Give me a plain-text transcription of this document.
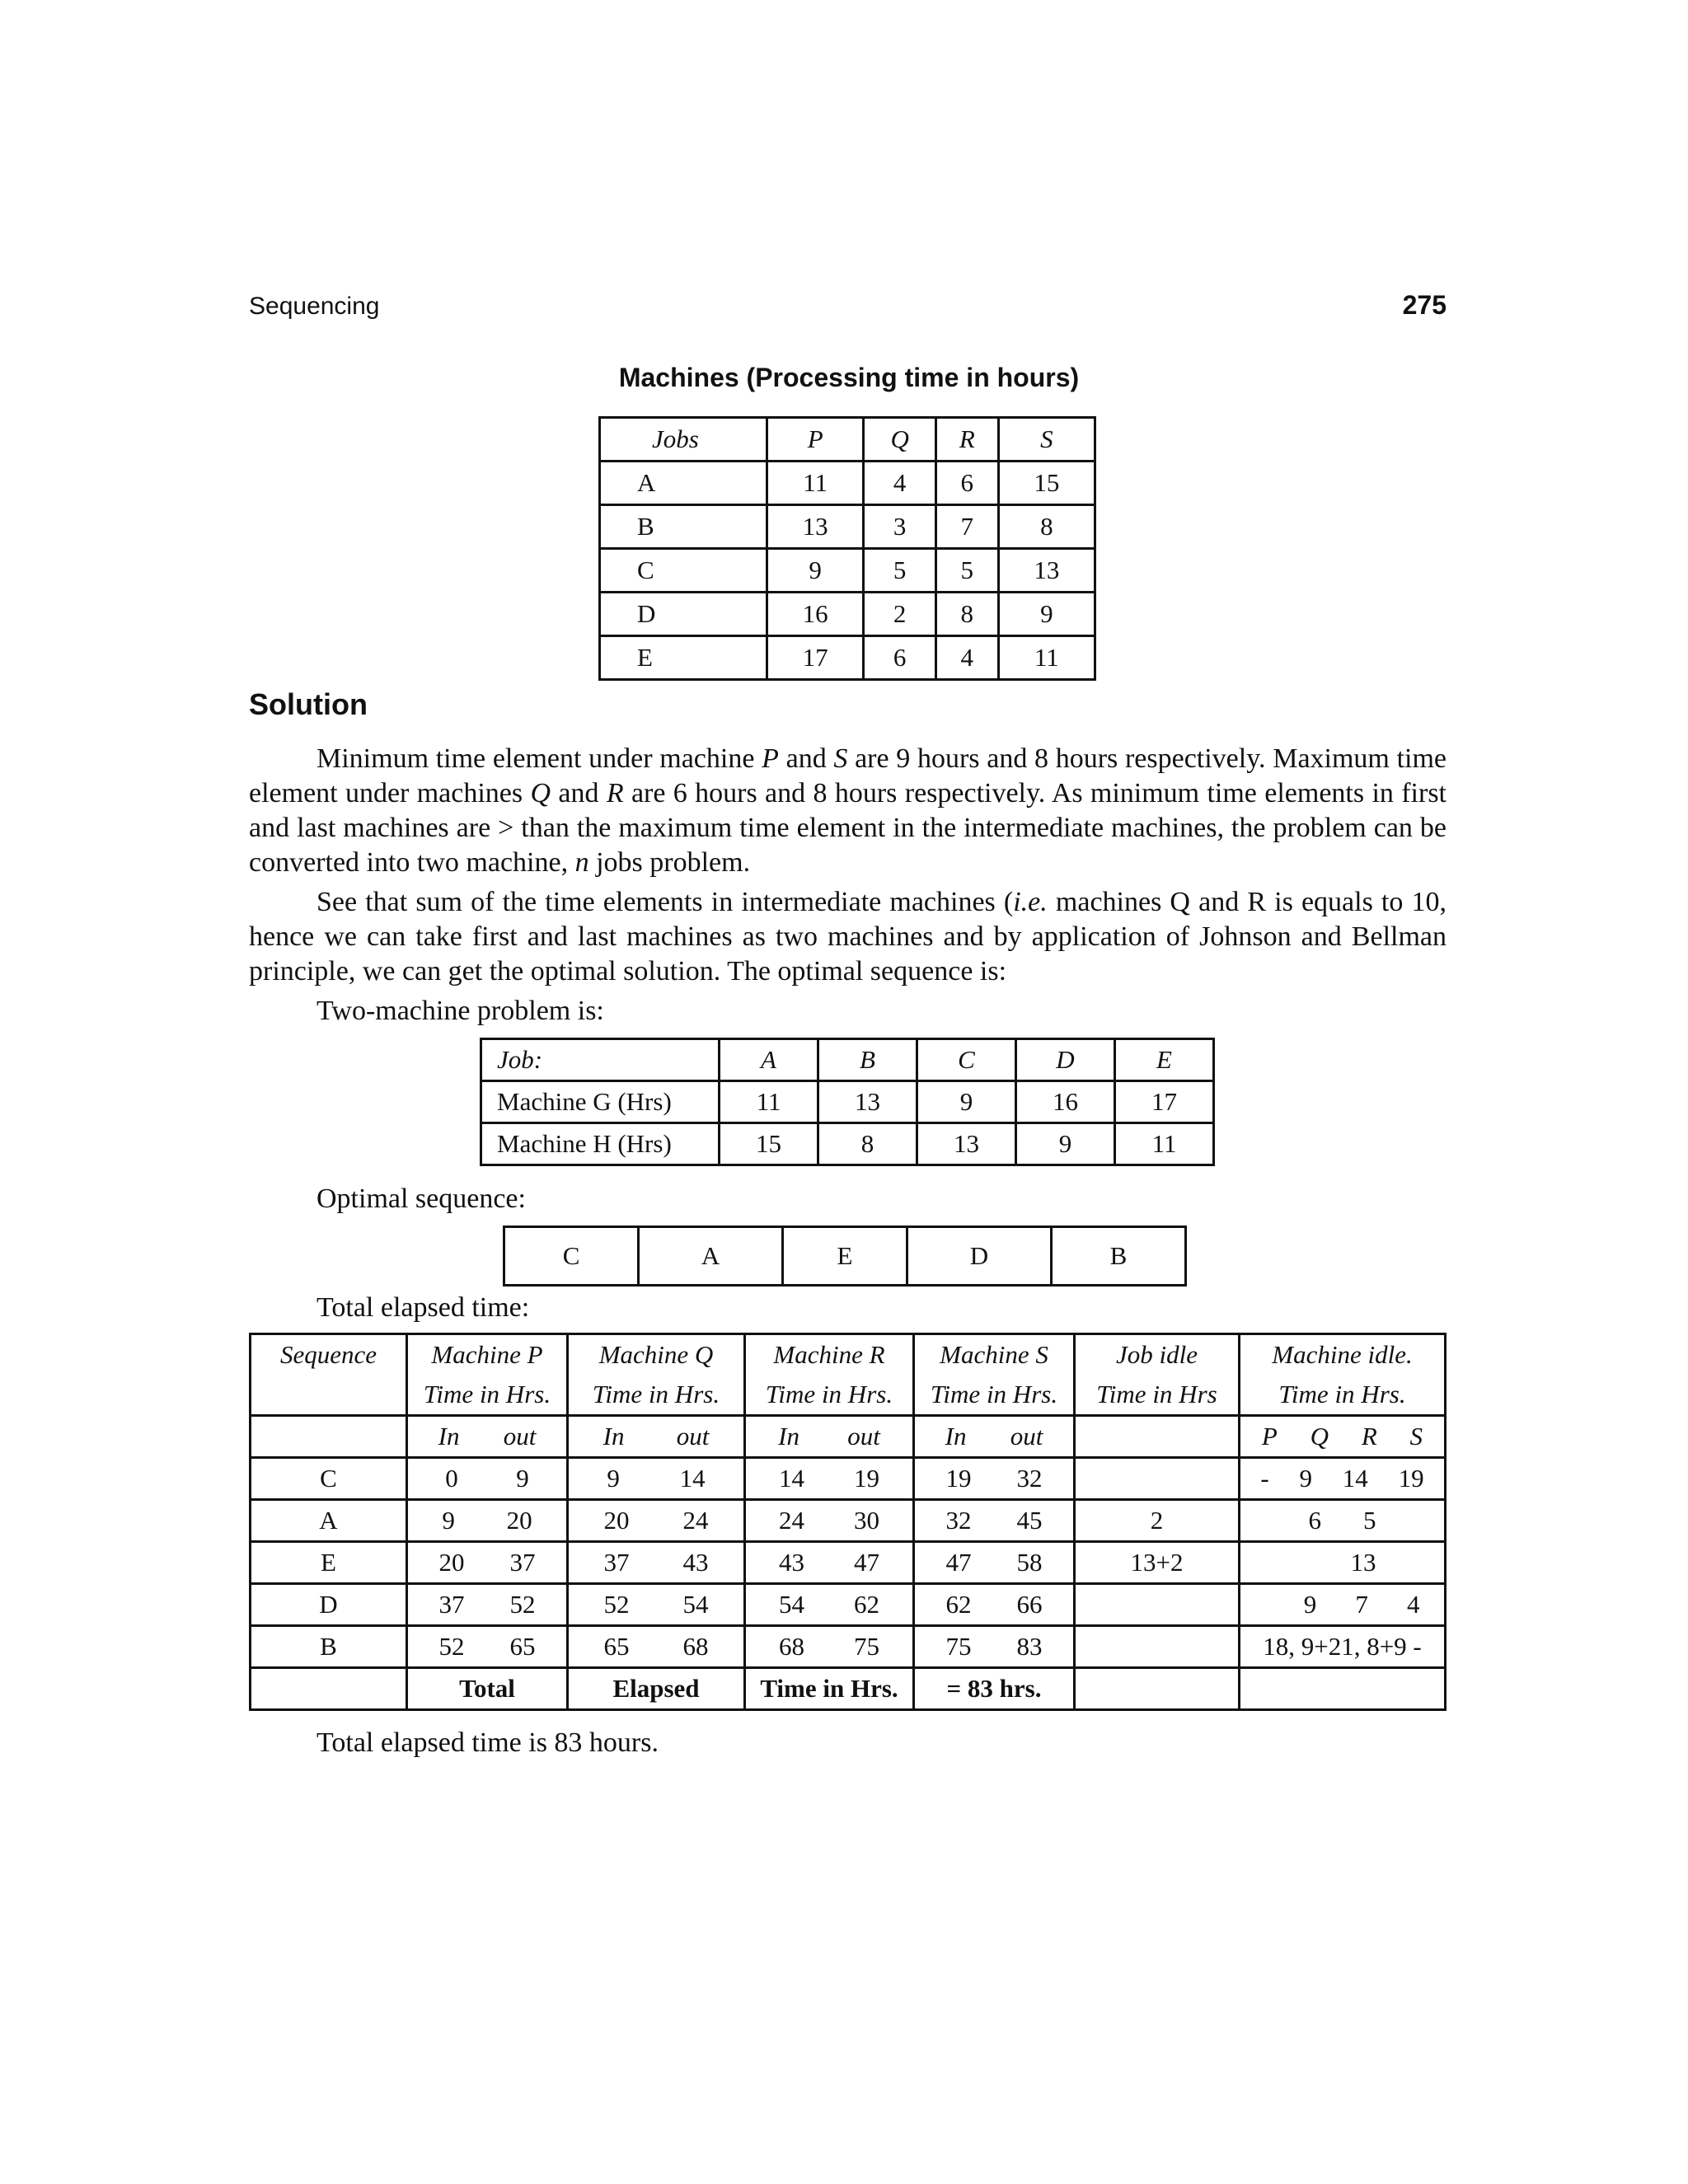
Sequencing	275
Machines (Processing time in hours)
Jobs	P	Q	R	S
A	11	4	6	15
B	13	3	7	8
C	9	5	5	13
D	16	2	8	9
E	17	6	4	11
Solution

Minimum time element under machine P and S are 9 hours and 8 hours respectively. Maximum time element under machines Q and R are 6 hours and 8 hours respectively. As minimum time elements in first and last machines are > than the maximum time element in the intermediate machines, the problem can be converted into two machine, n jobs problem.

See that sum of the time elements in intermediate machines (i.e. machines Q and R is equals to 10, hence we can take first and last machines as two machines and by application of Johnson and Bellman principle, we can get the optimal solution. The optimal sequence is:

Two-machine problem is:
Job:	A	B	C	D	E
Machine G (Hrs)	11	13	9	16	17
Machine H (Hrs)	15	8	13	9	11
Optimal sequence:
C	A	E	D	B
Total elapsed time:
Sequence	Machine P	Machine Q	Machine R	Machine S	Job idle	Machine idle.
	Time in Hrs.	Time in Hrs.	Time in Hrs.	Time in Hrs.	Time in Hrs	Time in Hrs.

	In out	In out	In out	In out		P Q R S

C	0 9	9 14	14 19	19 32		- 9 14 19

A	9 20	20 24	24 30	32 45	2	6 5

E	20 37	37 43	43 47	47 58	13+2	13

D	37 52	52 54	54 62	62 66		9 7 4

B	52 65	65 68	68 75	75 83		18, 9+21, 8+9 -
	Total	Elapsed	Time in Hrs.	= 83 hrs.		
Total elapsed time is 83 hours.
